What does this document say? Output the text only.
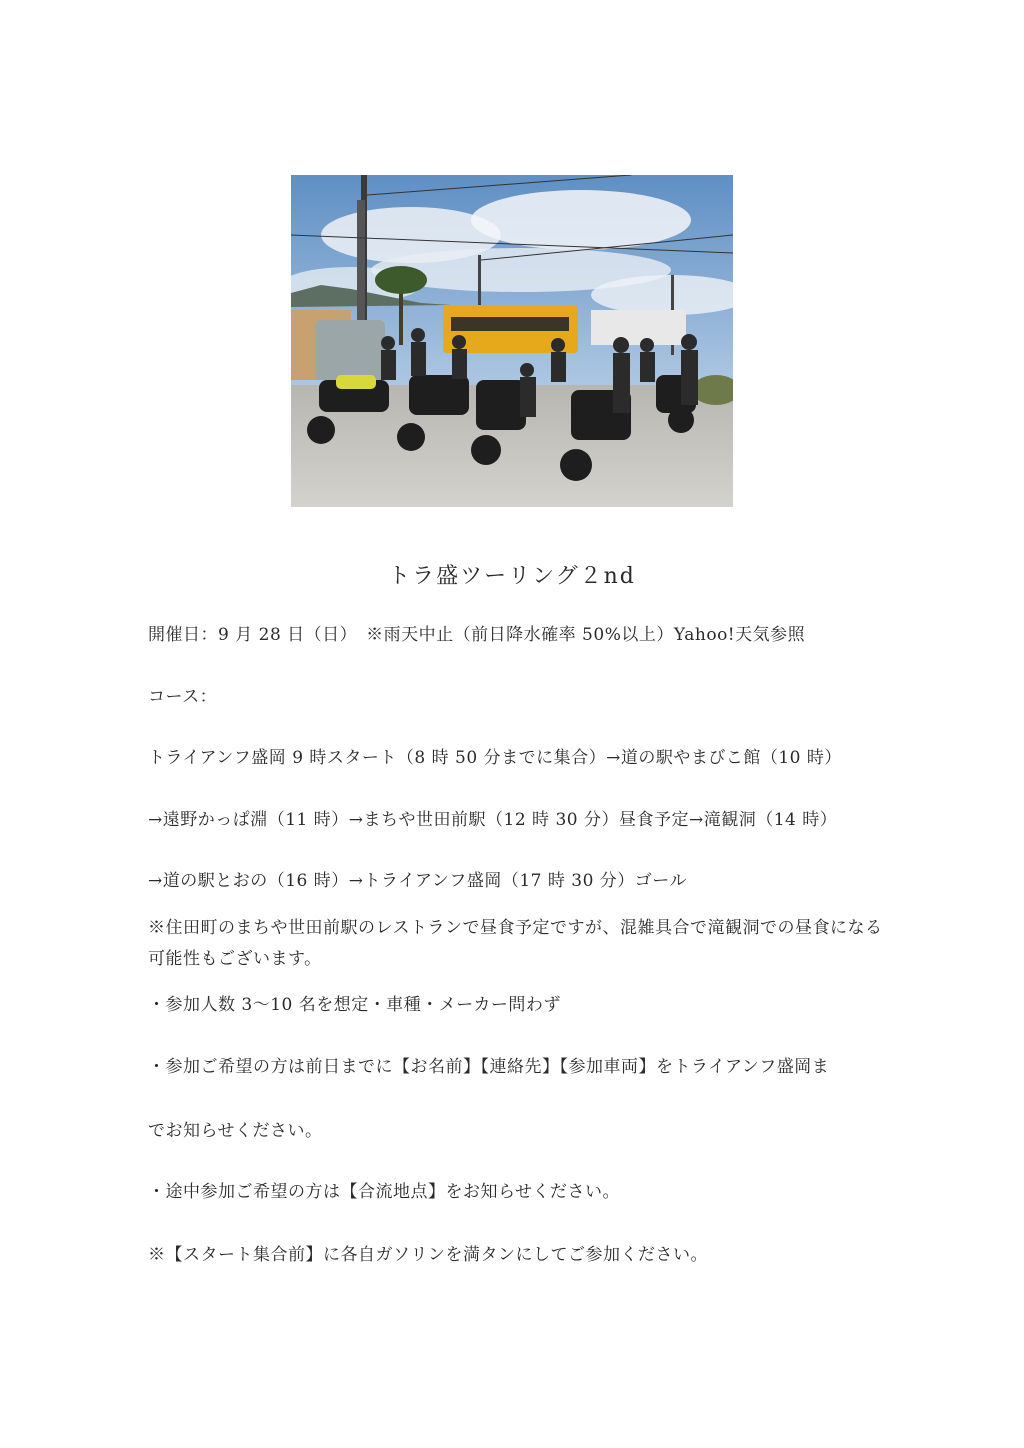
トラ盛ツーリング２nd
開催日：9 月 28 日（日）　※雨天中止（前日降水確率 50%以上）Yahoo!天気参照
コース：
トライアンフ盛岡 9 時スタート（8 時 50 分までに集合）→道の駅やまびこ館（10 時）
→遠野かっぱ淵（11 時）→まちや世田前駅（12 時 30 分）昼食予定→滝観洞（14 時）
→道の駅とおの（16 時）→トライアンフ盛岡（17 時 30 分）ゴール
※住田町のまちや世田前駅のレストランで昼食予定ですが、混雑具合で滝観洞での昼食になる
可能性もございます。
・参加人数 3〜10 名を想定・車種・メーカー問わず
・参加ご希望の方は前日までに【お名前】【連絡先】【参加車両】をトライアンフ盛岡ま
でお知らせください。
・途中参加ご希望の方は【合流地点】をお知らせください。
※【スタート集合前】に各自ガソリンを満タンにしてご参加ください。
